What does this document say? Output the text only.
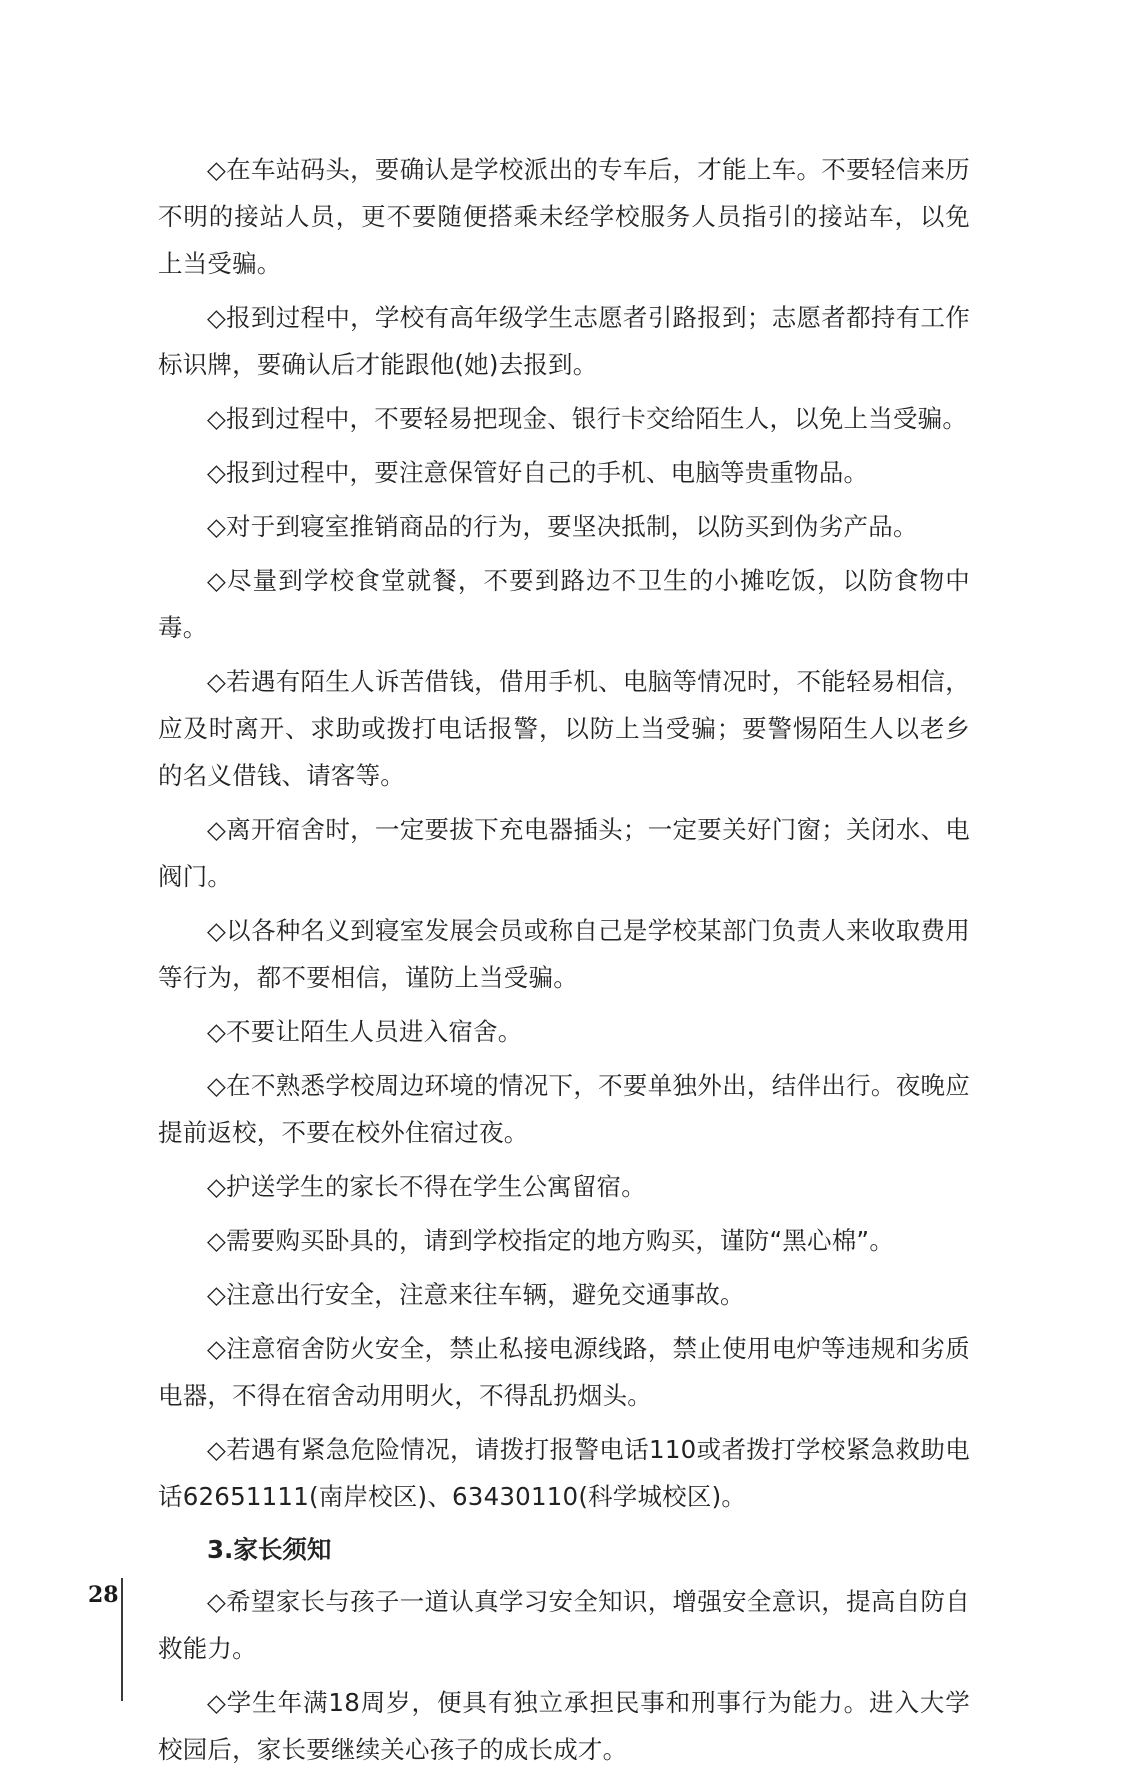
◇在车站码头，要确认是学校派出的专车后，才能上车。不要轻信来历不明的接站人员，更不要随便搭乘未经学校服务人员指引的接站车，以免上当受骗。

◇报到过程中，学校有高年级学生志愿者引路报到；志愿者都持有工作标识牌，要确认后才能跟他(她)去报到。

◇报到过程中，不要轻易把现金、银行卡交给陌生人，以免上当受骗。

◇报到过程中，要注意保管好自己的手机、电脑等贵重物品。

◇对于到寝室推销商品的行为，要坚决抵制，以防买到伪劣产品。

◇尽量到学校食堂就餐，不要到路边不卫生的小摊吃饭，以防食物中毒。

◇若遇有陌生人诉苦借钱，借用手机、电脑等情况时，不能轻易相信，应及时离开、求助或拨打电话报警，以防上当受骗；要警惕陌生人以老乡的名义借钱、请客等。

◇离开宿舍时，一定要拔下充电器插头；一定要关好门窗；关闭水、电阀门。

◇以各种名义到寝室发展会员或称自己是学校某部门负责人来收取费用等行为，都不要相信，谨防上当受骗。

◇不要让陌生人员进入宿舍。

◇在不熟悉学校周边环境的情况下，不要单独外出，结伴出行。夜晚应提前返校，不要在校外住宿过夜。

◇护送学生的家长不得在学生公寓留宿。

◇需要购买卧具的，请到学校指定的地方购买，谨防“黑心棉”。

◇注意出行安全，注意来往车辆，避免交通事故。

◇注意宿舍防火安全，禁止私接电源线路，禁止使用电炉等违规和劣质电器，不得在宿舍动用明火，不得乱扔烟头。

◇若遇有紧急危险情况，请拨打报警电话110或者拨打学校紧急救助电话62651111(南岸校区)、63430110(科学城校区)。

3.家长须知

◇希望家长与孩子一道认真学习安全知识，增强安全意识，提高自防自救能力。

◇学生年满18周岁，便具有独立承担民事和刑事行为能力。进入大学校园后，家长要继续关心孩子的成长成才。

28
